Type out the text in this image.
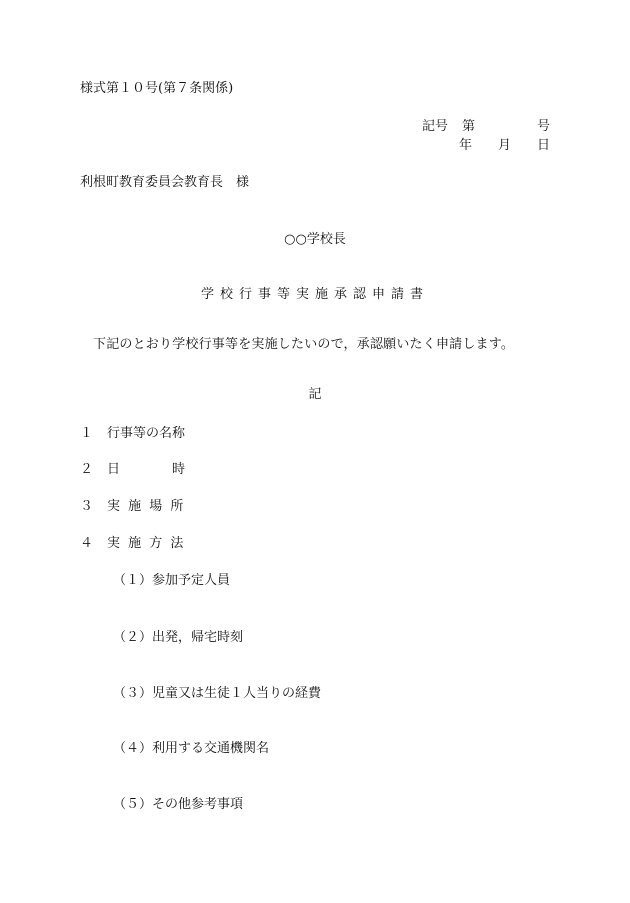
様式第１０号(第７条関係)
記号 第	号
年 月 日
利根町教育委員会教育長　様
○○学校長
学校行事等実施承認申請書
下記のとおり学校行事等を実施したいので，承認願いたく申請します。
記
１ 行事等の名称
２ 日　　　　時
３ 実 施 場 所
４ 実 施 方 法
（１）参加予定人員
（２）出発，帰宅時刻
（３）児童又は生徒１人当りの経費
（４）利用する交通機関名
（５）その他参考事項
